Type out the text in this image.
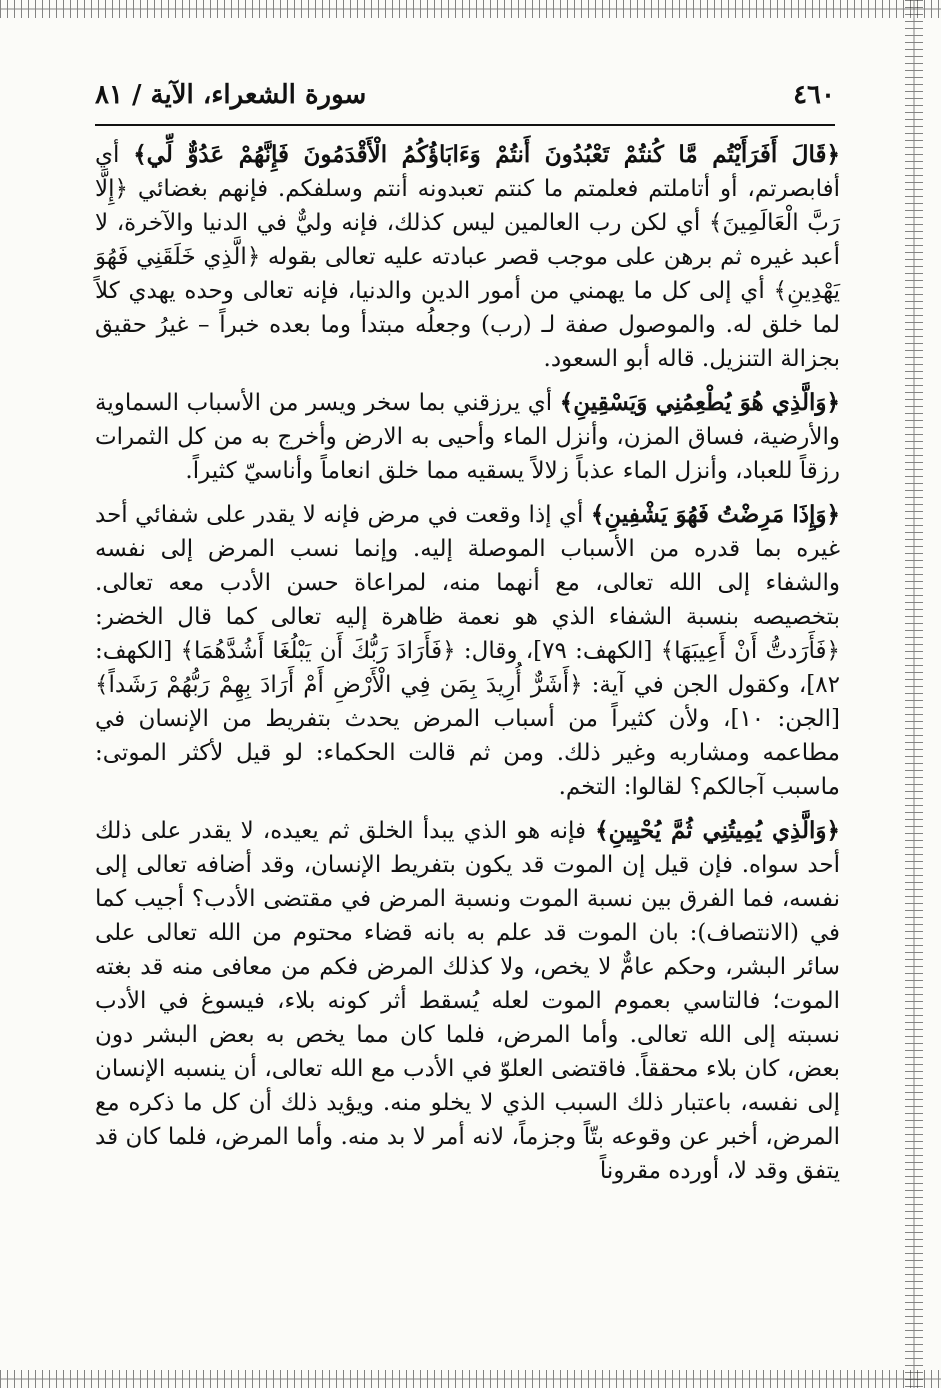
٤٦٠
سورة الشعراء، الآية / ٨١

﴿قَالَ أَفَرَأَيْتُم مَّا كُنتُمْ تَعْبُدُونَ أَنتُمْ وَءَابَاؤُكُمُ الْأَقْدَمُونَ فَإِنَّهُمْ عَدُوٌّ لِّي﴾ أي أفابصرتم، أو أتاملتم فعلمتم ما كنتم تعبدونه أنتم وسلفكم. فإنهم بغضائي ﴿إِلَّا رَبَّ الْعَالَمِينَ﴾ أي لكن رب العالمين ليس كذلك، فإنه وليٌّ في الدنيا والآخرة، لا أعبد غيره ثم برهن على موجب قصر عبادته عليه تعالى بقوله ﴿الَّذِي خَلَقَنِي فَهُوَ يَهْدِينِ﴾ أي إلى كل ما يهمني من أمور الدين والدنيا، فإنه تعالى وحده يهدي كلاً لما خلق له. والموصول صفة لـ (رب) وجعلُه مبتدأ وما بعده خبراً – غيرُ حقيق بجزالة التنزيل. قاله أبو السعود.

﴿وَالَّذِي هُوَ يُطْعِمُنِي وَيَسْقِينِ﴾ أي يرزقني بما سخر ويسر من الأسباب السماوية والأرضية، فساق المزن، وأنزل الماء وأحيى به الارض وأخرج به من كل الثمرات رزقاً للعباد، وأنزل الماء عذباً زلالاً يسقيه مما خلق انعاماً وأناسيّ كثيراً.

﴿وَإِذَا مَرِضْتُ فَهُوَ يَشْفِينِ﴾ أي إذا وقعت في مرض فإنه لا يقدر على شفائي أحد غيره بما قدره من الأسباب الموصلة إليه. وإنما نسب المرض إلى نفسه والشفاء إلى الله تعالى، مع أنهما منه، لمراعاة حسن الأدب معه تعالى. بتخصيصه بنسبة الشفاء الذي هو نعمة ظاهرة إليه تعالى كما قال الخضر: ﴿فَأَرَدتُّ أَنْ أَعِيبَهَا﴾ [الكهف: ٧٩]، وقال: ﴿فَأَرَادَ رَبُّكَ أَن يَبْلُغَا أَشُدَّهُمَا﴾ [الكهف: ٨٢]، وكقول الجن في آية: ﴿أَشَرٌّ أُرِيدَ بِمَن فِي الْأَرْضِ أَمْ أَرَادَ بِهِمْ رَبُّهُمْ رَشَداً﴾ [الجن: ١٠]، ولأن كثيراً من أسباب المرض يحدث بتفريط من الإنسان في مطاعمه ومشاربه وغير ذلك. ومن ثم قالت الحكماء: لو قيل لأكثر الموتى: ماسبب آجالكم؟ لقالوا: التخم.

﴿وَالَّذِي يُمِيتُنِي ثُمَّ يُحْيِينِ﴾ فإنه هو الذي يبدأ الخلق ثم يعيده، لا يقدر على ذلك أحد سواه. فإن قيل إن الموت قد يكون بتفريط الإنسان، وقد أضافه تعالى إلى نفسه، فما الفرق بين نسبة الموت ونسبة المرض في مقتضى الأدب؟ أجيب كما في (الانتصاف): بان الموت قد علم به بانه قضاء محتوم من الله تعالى على سائر البشر، وحكم عامٌّ لا يخص، ولا كذلك المرض فكم من معافى منه قد بغته الموت؛ فالتاسي بعموم الموت لعله يُسقط أثر كونه بلاء، فيسوغ في الأدب نسبته إلى الله تعالى. وأما المرض، فلما كان مما يخص به بعض البشر دون بعض، كان بلاء محققاً. فاقتضى العلوّ في الأدب مع الله تعالى، أن ينسبه الإنسان إلى نفسه، باعتبار ذلك السبب الذي لا يخلو منه. ويؤيد ذلك أن كل ما ذكره مع المرض، أخبر عن وقوعه بتّاً وجزماً، لانه أمر لا بد منه. وأما المرض، فلما كان قد يتفق وقد لا، أورده مقروناً
